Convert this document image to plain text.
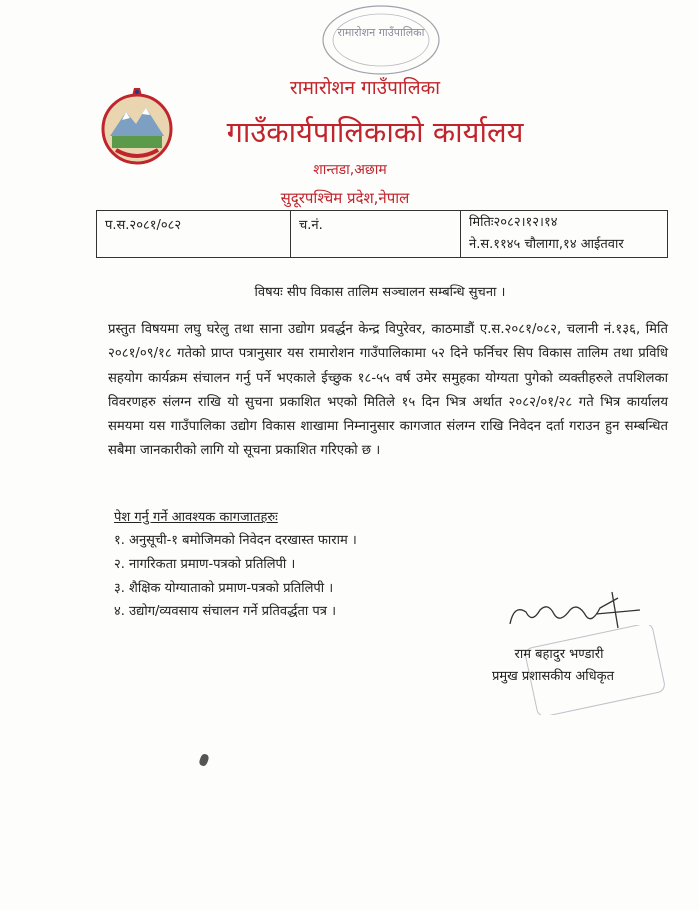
रामारोशन गाउँपालिका
रामारोशन गाउँपालिका
गाउँकार्यपालिकाको कार्यालय
शान्तडा,अछाम
सुदूरपश्चिम प्रदेश,नेपाल
प.स.२०८१/०८२	च.नं.	मितिः२०८२।१२।१४
ने.स.११४५ चौलागा,१४ आईतवार
विषयः सीप विकास तालिम सञ्चालन सम्बन्धि सुचना ।
प्रस्तुत विषयमा लघु घरेलु तथा साना उद्योग प्रवर्द्धन केन्द्र विपुरेवर, काठमाडौं ए.स.२०८१/०८२, चलानी नं.१३६, मिति २०८१/०९/१८ गतेको प्राप्त पत्रानुसार यस रामारोशन गाउँपालिकामा ५२ दिने फर्निचर सिप विकास तालिम तथा प्रविधि सहयोग कार्यक्रम संचालन गर्नु पर्ने भएकाले ईच्छुक १८-५५ वर्ष उमेर समुहका योग्यता पुगेको व्यक्तीहरुले तपशिलका विवरणहरु संलग्न राखि यो सुचना प्रकाशित भएको मितिले १५ दिन भित्र अर्थात २०८२/०१/२८ गते भित्र कार्यालय समयमा यस गाउँपालिका उद्योग विकास शाखामा निम्नानुसार कागजात संलग्न राखि निवेदन दर्ता गराउन हुन सम्बन्धित सबैमा जानकारीको लागि यो सूचना प्रकाशित गरिएको छ ।
पेश गर्नु गर्ने आवश्यक कागजातहरुः
१. अनुसूची-१ बमोजिमको निवेदन दरखास्त फाराम ।
२. नागरिकता प्रमाण-पत्रको प्रतिलिपी ।
३. शैक्षिक योग्याताको प्रमाण-पत्रको प्रतिलिपी ।
४. उद्योग/व्यवसाय संचालन गर्ने प्रतिवर्द्धता पत्र ।
राम बहादुर भण्डारी
प्रमुख प्रशासकीय अधिकृत
